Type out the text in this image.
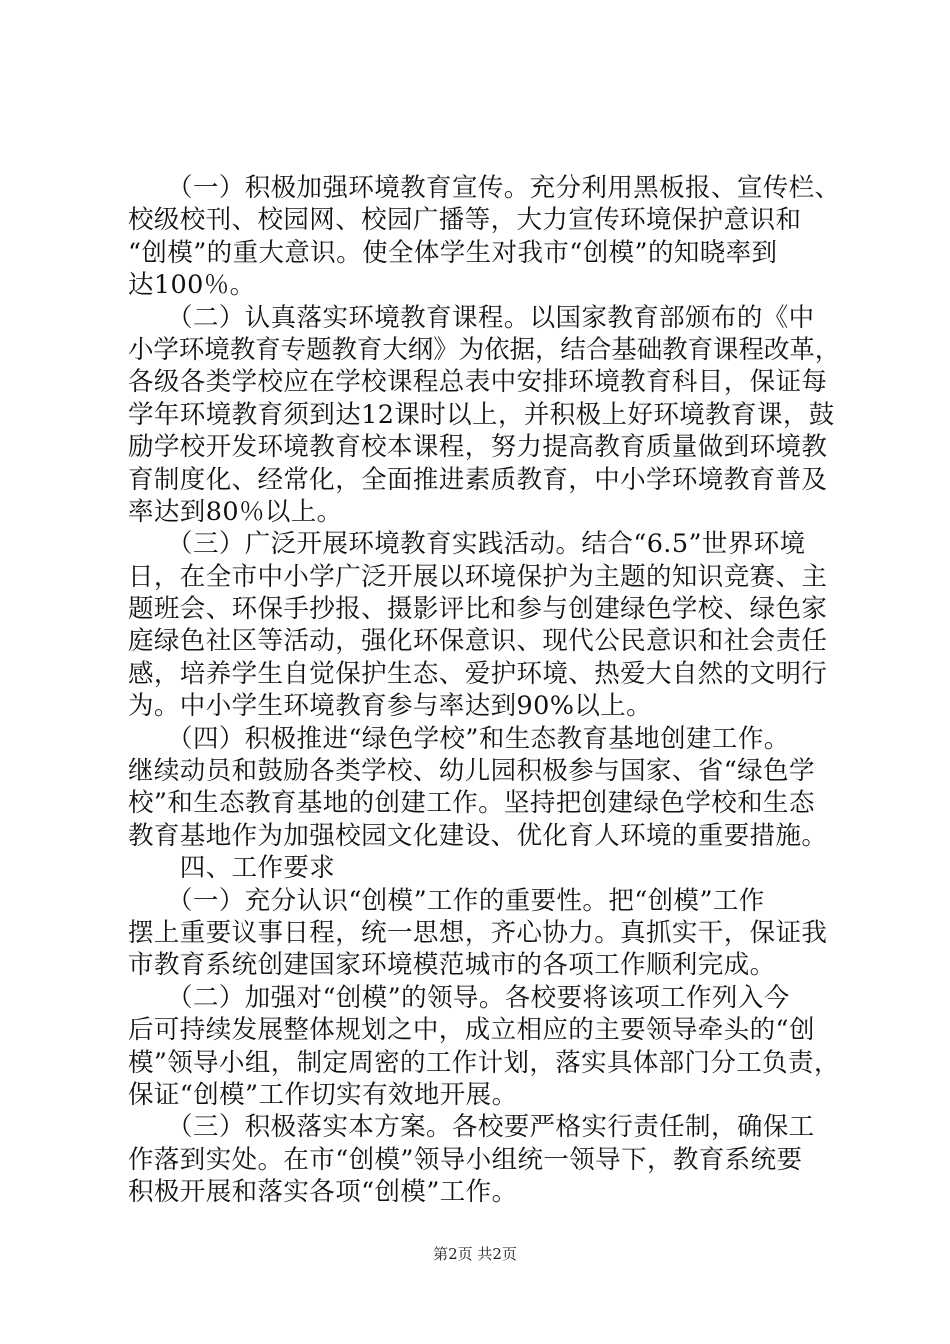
　　（一）积极加强环境教育宣传。充分利用黑板报、宣传栏、
校级校刊、校园网、校园广播等，大力宣传环境保护意识和
“创模”的重大意识。使全体学生对我市“创模”的知晓率到
达100％。
　　（二）认真落实环境教育课程。以国家教育部颁布的《中
小学环境教育专题教育大纲》为依据，结合基础教育课程改革，
各级各类学校应在学校课程总表中安排环境教育科目，保证每
学年环境教育须到达12课时以上，并积极上好环境教育课，鼓
励学校开发环境教育校本课程，努力提高教育质量做到环境教
育制度化、经常化，全面推进素质教育，中小学环境教育普及
率达到80％以上。
　　（三）广泛开展环境教育实践活动。结合“6.5”世界环境
日，在全市中小学广泛开展以环境保护为主题的知识竞赛、主
题班会、环保手抄报、摄影评比和参与创建绿色学校、绿色家
庭绿色社区等活动，强化环保意识、现代公民意识和社会责任
感，培养学生自觉保护生态、爱护环境、热爱大自然的文明行
为。中小学生环境教育参与率达到90%以上。
　　（四）积极推进“绿色学校”和生态教育基地创建工作。
继续动员和鼓励各类学校、幼儿园积极参与国家、省“绿色学
校”和生态教育基地的创建工作。坚持把创建绿色学校和生态
教育基地作为加强校园文化建设、优化育人环境的重要措施。
　　四、工作要求
　　（一）充分认识“创模”工作的重要性。把“创模”工作
摆上重要议事日程，统一思想，齐心协力。真抓实干，保证我
市教育系统创建国家环境模范城市的各项工作顺利完成。
　　（二）加强对“创模”的领导。各校要将该项工作列入今
后可持续发展整体规划之中，成立相应的主要领导牵头的“创
模”领导小组，制定周密的工作计划，落实具体部门分工负责，
保证“创模”工作切实有效地开展。
　　（三）积极落实本方案。各校要严格实行责任制，确保工
作落到实处。在市“创模”领导小组统一领导下，教育系统要
积极开展和落实各项“创模”工作。
第2页 共2页
